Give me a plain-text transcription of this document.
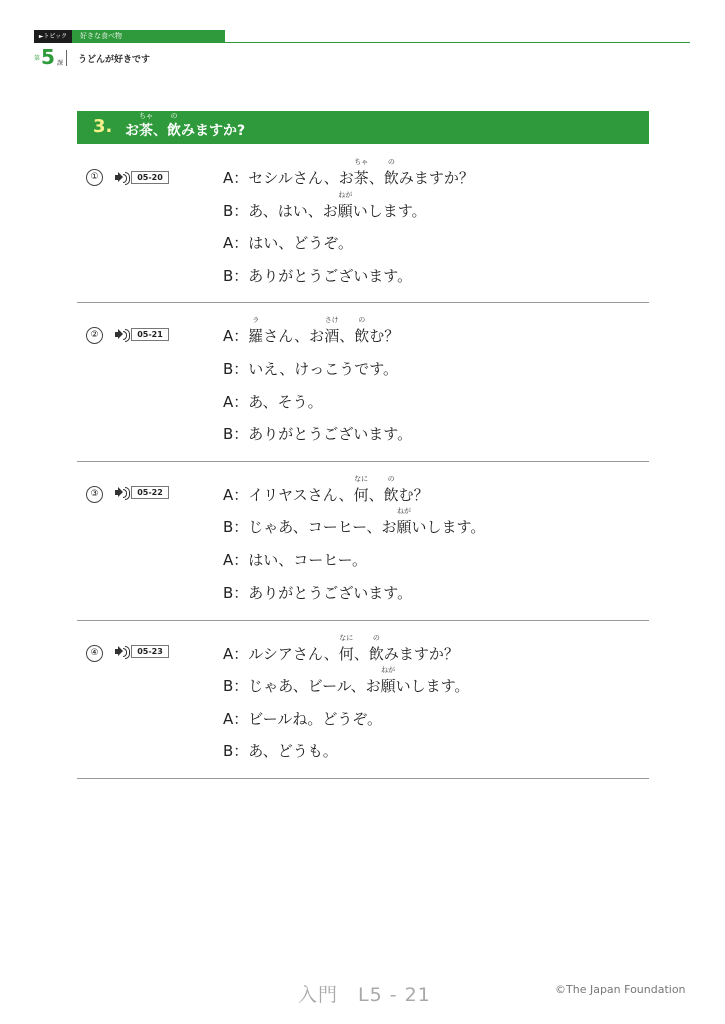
►トピック	好きな食べ物
第 5 課 うどんが好きです
3. お茶
ちゃ
、飲
の
みますか?
①	05-20	A：セシルさん、お茶
ちゃ
、飲
の
みますか？
B：あ、はい、お願
ねが
いします。
A：はい、どうぞ。
B：ありがとうございます。
②	05-21	A：羅
ラ
さん、お酒
さけ
、飲
の
む？
B：いえ、けっこうです。
A：あ、そう。
B：ありがとうございます。
③	05-22	A：イリヤスさん、何
なに
、飲
の
む？
B：じゃあ、コーヒー、お願
ねが
いします。
A：はい、コーヒー。
B：ありがとうございます。
④	05-23	A：ルシアさん、何
なに
、飲
の
みますか？
B：じゃあ、ビール、お願
ねが
いします。
A：ビールね。どうぞ。
B：あ、どうも。
入門　L5 - 21	©The Japan Foundation
